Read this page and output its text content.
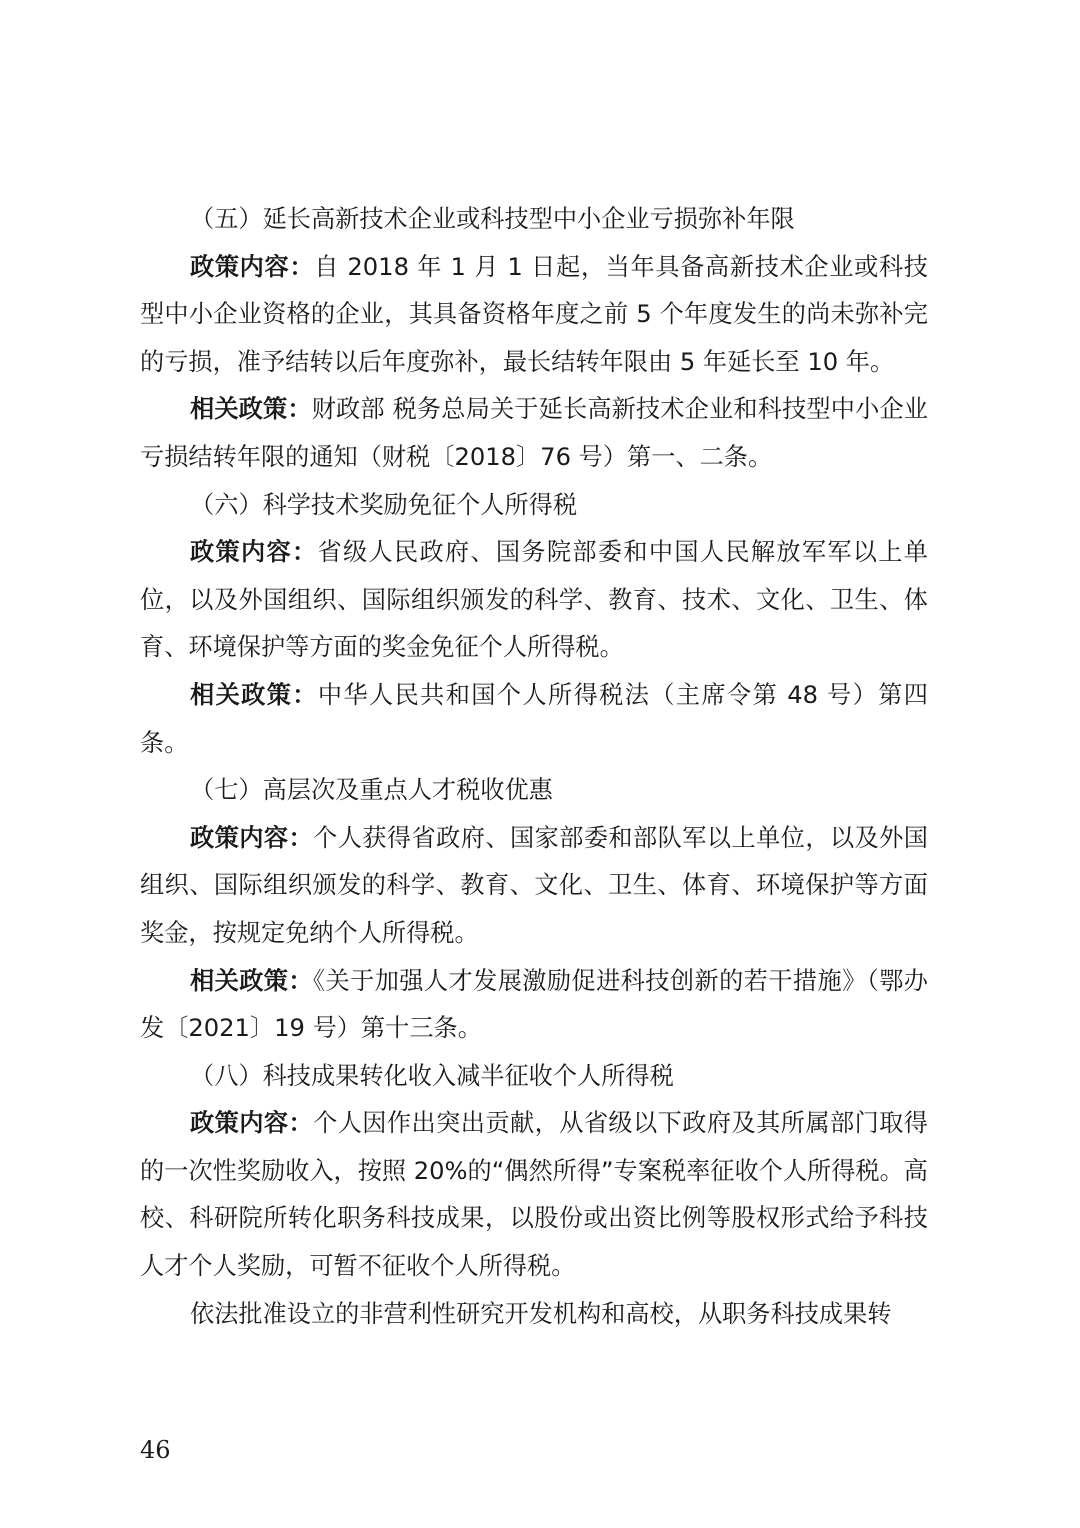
（五）延长高新技术企业或科技型中小企业亏损弥补年限

政策内容：自 2018 年 1 月 1 日起，当年具备高新技术企业或科技型中小企业资格的企业，其具备资格年度之前 5 个年度发生的尚未弥补完的亏损，准予结转以后年度弥补，最长结转年限由 5 年延长至 10 年。

相关政策：财政部 税务总局关于延长高新技术企业和科技型中小企业亏损结转年限的通知（财税〔2018〕76 号）第一、二条。

（六）科学技术奖励免征个人所得税

政策内容：省级人民政府、国务院部委和中国人民解放军军以上单位，以及外国组织、国际组织颁发的科学、教育、技术、文化、卫生、体育、环境保护等方面的奖金免征个人所得税。

相关政策：中华人民共和国个人所得税法（主席令第 48 号）第四条。

（七）高层次及重点人才税收优惠

政策内容：个人获得省政府、国家部委和部队军以上单位，以及外国组织、国际组织颁发的科学、教育、文化、卫生、体育、环境保护等方面奖金，按规定免纳个人所得税。

相关政策：《关于加强人才发展激励促进科技创新的若干措施》（鄂办发〔2021〕19 号）第十三条。

（八）科技成果转化收入减半征收个人所得税

政策内容：个人因作出突出贡献，从省级以下政府及其所属部门取得的一次性奖励收入，按照 20%的“偶然所得”专案税率征收个人所得税。高校、科研院所转化职务科技成果，以股份或出资比例等股权形式给予科技人才个人奖励，可暂不征收个人所得税。

依法批准设立的非营利性研究开发机构和高校，从职务科技成果转

46
